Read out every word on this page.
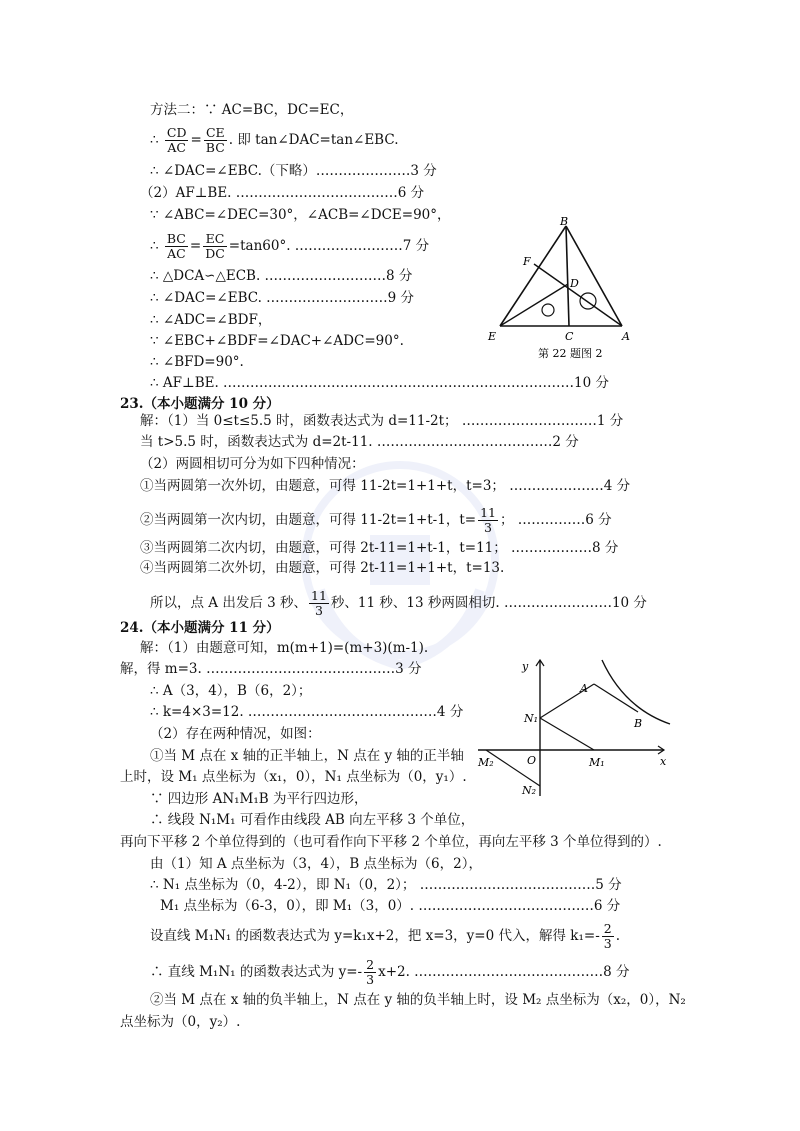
方法二：∵ AC=BC，DC=EC，
∴ $\frac{CD}{AC} = \frac{CE}{BC}$ . 即 tan∠DAC=tan∠EBC.
∴ ∠DAC=∠EBC.（下略）…………………3 分
（2）AF⊥BE. ………………………………6 分
∵ ∠ABC=∠DEC=30°，∠ACB=∠DCE=90°，
∴ $\frac{BC}{AC} = \frac{EC}{DC} =\tan 60^\circ$. ……………………7 分
∴ △DCA∽△ECB. ………………………8 分
∴ ∠DAC=∠EBC. ………………………9 分
∴ ∠ADC=∠BDF，
∵ ∠EBC+∠BDF=∠DAC+∠ADC=90°.
∴ ∠BFD=90°.
∴ AF⊥BE. ……………………………………………………………………10 分
B
F
D
E	C	A
第 22 题图 2
23.（本小题满分 10 分）
解：（1）当 0≤t≤5.5 时，函数表达式为 d=11-2t； …………………………1 分
当 t>5.5 时，函数表达式为 d=2t-11. …………………………………2 分
（2）两圆相切可分为如下四种情况：
①当两圆第一次外切，由题意，可得 11-2t=1+1+t，t=3； …………………4 分
②当两圆第一次内切，由题意，可得 11-2t=1+t-1，$t= \frac{11}{3}$ ； ……………6 分
③当两圆第二次内切，由题意，可得 2t-11=1+t-1，t=11； ………………8 分
④当两圆第二次外切，由题意，可得 2t-11=1+1+t，t=13.
所以，点 A 出发后 3 秒、 $\frac{11}{3}$ 秒、11 秒、13 秒两圆相切. ……………………10 分
24.（本小题满分 11 分）
解：（1）由题意可知，m(m+1)=(m+3)(m-1).
解，得 m=3. ……………………………………3 分
∴ A（3，4），B（6，2）；
∴ k=4×3=12. ……………………………………4 分
（2）存在两种情况，如图：
①当 M 点在 x 轴的正半轴上，N 点在 y 轴的正半轴
上时，设 M₁ 点坐标为（x₁，0），N₁ 点坐标为（0，y₁）.
∵ 四边形 AN₁M₁B 为平行四边形，
∴ 线段 N₁M₁ 可看作由线段 AB 向左平移 3 个单位，
再向下平移 2 个单位得到的（也可看作向下平移 2 个单位，再向左平移 3 个单位得到的）.
由（1）知 A 点坐标为（3，4），B 点坐标为（6，2），
∴ N₁ 点坐标为（0，4-2），即 N₁（0，2）； …………………………………5 分
M₁ 点坐标为（6-3，0），即 M₁（3，0）. …………………………………6 分
设直线 M₁N₁ 的函数表达式为 y=k₁x+2，把 x=3，y=0 代入，解得 $k_1=- \frac{2}{3}$ .
∴ 直线 M₁N₁ 的函数表达式为 $y=- \frac{2}{3} x+2$. ……………………………………8 分
②当 M 点在 x 轴的负半轴上，N 点在 y 轴的负半轴上时，设 M₂ 点坐标为（x₂，0），N₂
点坐标为（0，y₂）.
y
x
A
B
N₁
M₁
M₂	O
N₂
